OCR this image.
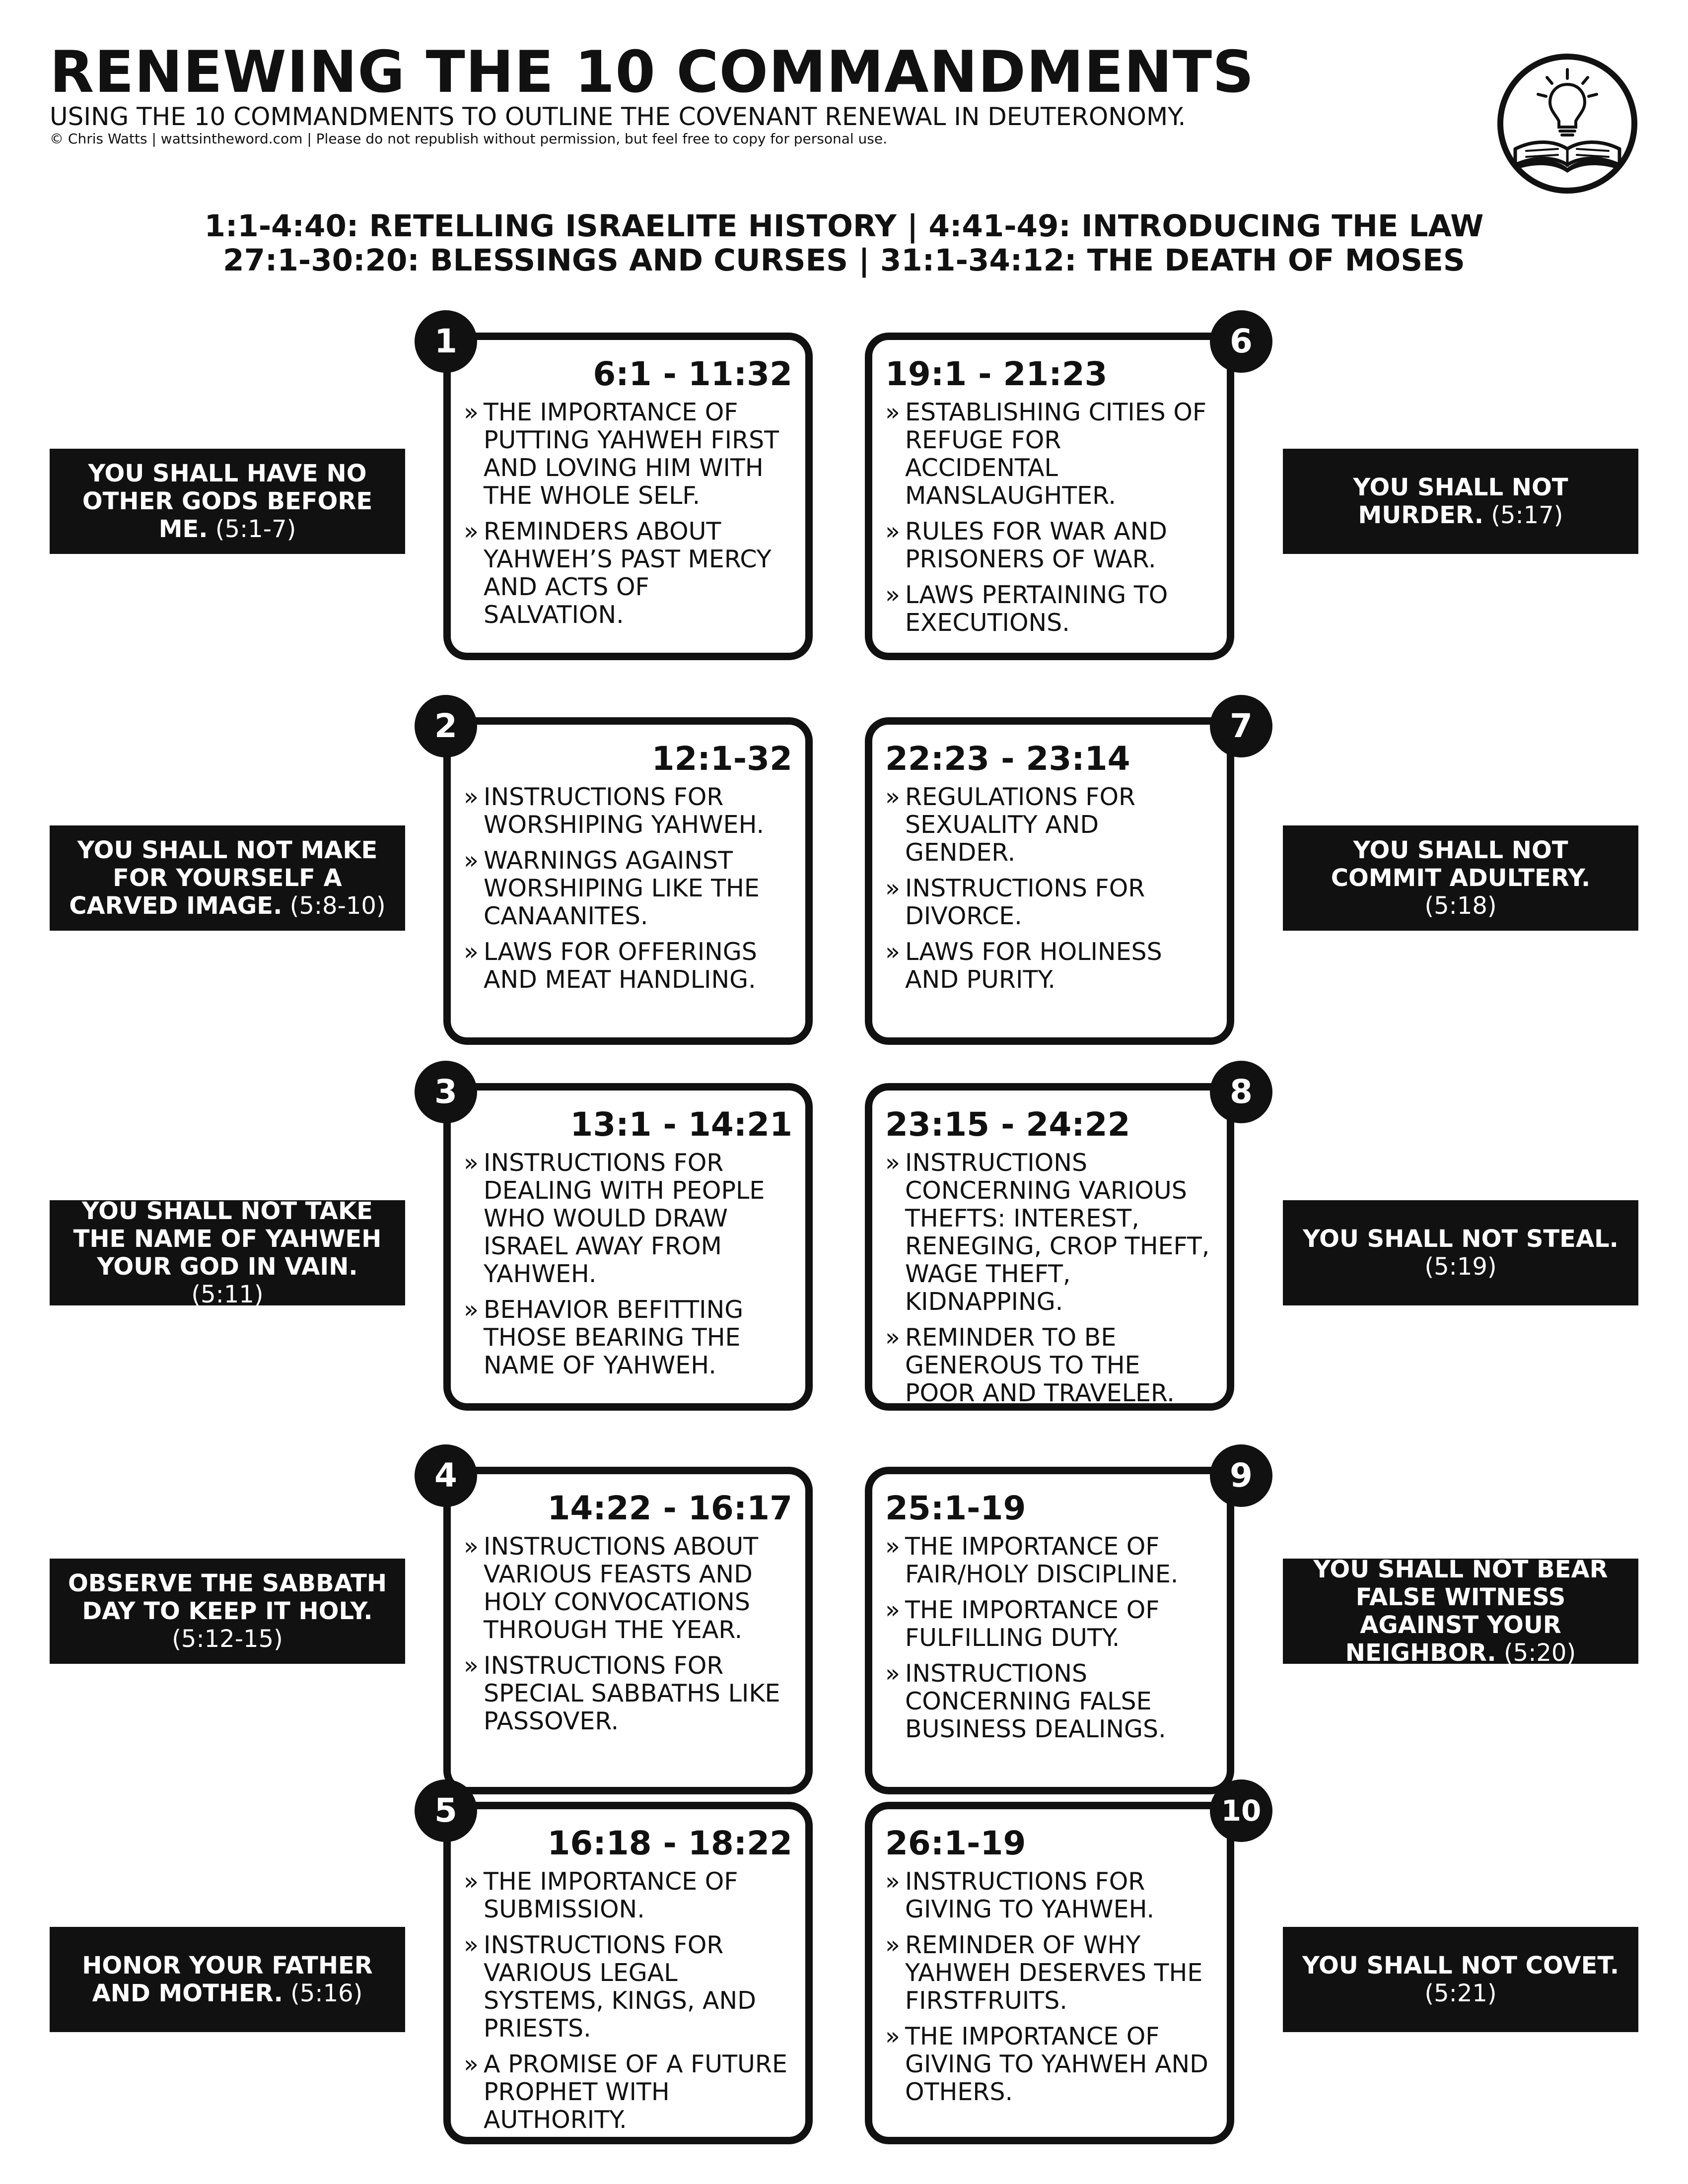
RENEWING THE 10 COMMANDMENTS

USING THE 10 COMMANDMENTS TO OUTLINE THE COVENANT RENEWAL IN DEUTERONOMY.

© Chris Watts | wattsintheword.com | Please do not republish without permission, but feel free to copy for personal use.

1:1-4:40: RETELLING ISRAELITE HISTORY | 4:41-49: INTRODUCING THE LAW

27:1-30:20: BLESSINGS AND CURSES | 31:1-34:12: THE DEATH OF MOSES

YOU SHALL HAVE NO OTHER GODS BEFORE ME. (5:1-7)
6:1 - 11:32
» THE IMPORTANCE OF PUTTING YAHWEH FIRST AND LOVING HIM WITH THE WHOLE SELF.
» REMINDERS ABOUT YAHWEH’S PAST MERCY AND ACTS OF SALVATION.
1
YOU SHALL NOT MURDER. (5:17)
19:1 - 21:23
» ESTABLISHING CITIES OF REFUGE FOR ACCIDENTAL MANSLAUGHTER.
» RULES FOR WAR AND PRISONERS OF WAR.
» LAWS PERTAINING TO EXECUTIONS.
6
YOU SHALL NOT MAKE FOR YOURSELF A CARVED IMAGE. (5:8-10)
12:1-32
» INSTRUCTIONS FOR WORSHIPING YAHWEH.
» WARNINGS AGAINST WORSHIPING LIKE THE CANAANITES.
» LAWS FOR OFFERINGS AND MEAT HANDLING.
2
YOU SHALL NOT COMMIT ADULTERY. (5:18)
22:23 - 23:14
» REGULATIONS FOR SEXUALITY AND GENDER.
» INSTRUCTIONS FOR DIVORCE.
» LAWS FOR HOLINESS AND PURITY.
7
YOU SHALL NOT TAKE THE NAME OF YAHWEH YOUR GOD IN VAIN. (5:11)
13:1 - 14:21
» INSTRUCTIONS FOR DEALING WITH PEOPLE WHO WOULD DRAW ISRAEL AWAY FROM YAHWEH.
» BEHAVIOR BEFITTING THOSE BEARING THE NAME OF YAHWEH.
3
YOU SHALL NOT STEAL. (5:19)
23:15 - 24:22
» INSTRUCTIONS CONCERNING VARIOUS THEFTS: INTEREST, RENEGING, CROP THEFT, WAGE THEFT, KIDNAPPING.
» REMINDER TO BE GENEROUS TO THE POOR AND TRAVELER.
8
OBSERVE THE SABBATH DAY TO KEEP IT HOLY. (5:12-15)
14:22 - 16:17
» INSTRUCTIONS ABOUT VARIOUS FEASTS AND HOLY CONVOCATIONS THROUGH THE YEAR.
» INSTRUCTIONS FOR SPECIAL SABBATHS LIKE PASSOVER.
4
YOU SHALL NOT BEAR FALSE WITNESS AGAINST YOUR NEIGHBOR. (5:20)
25:1-19
» THE IMPORTANCE OF FAIR/HOLY DISCIPLINE.
» THE IMPORTANCE OF FULFILLING DUTY.
» INSTRUCTIONS CONCERNING FALSE BUSINESS DEALINGS.
9
HONOR YOUR FATHER AND MOTHER. (5:16)
16:18 - 18:22
» THE IMPORTANCE OF SUBMISSION.
» INSTRUCTIONS FOR VARIOUS LEGAL SYSTEMS, KINGS, AND PRIESTS.
» A PROMISE OF A FUTURE PROPHET WITH AUTHORITY.
5
YOU SHALL NOT COVET. (5:21)
26:1-19
» INSTRUCTIONS FOR GIVING TO YAHWEH.
» REMINDER OF WHY YAHWEH DESERVES THE FIRSTFRUITS.
» THE IMPORTANCE OF GIVING TO YAHWEH AND OTHERS.
10
